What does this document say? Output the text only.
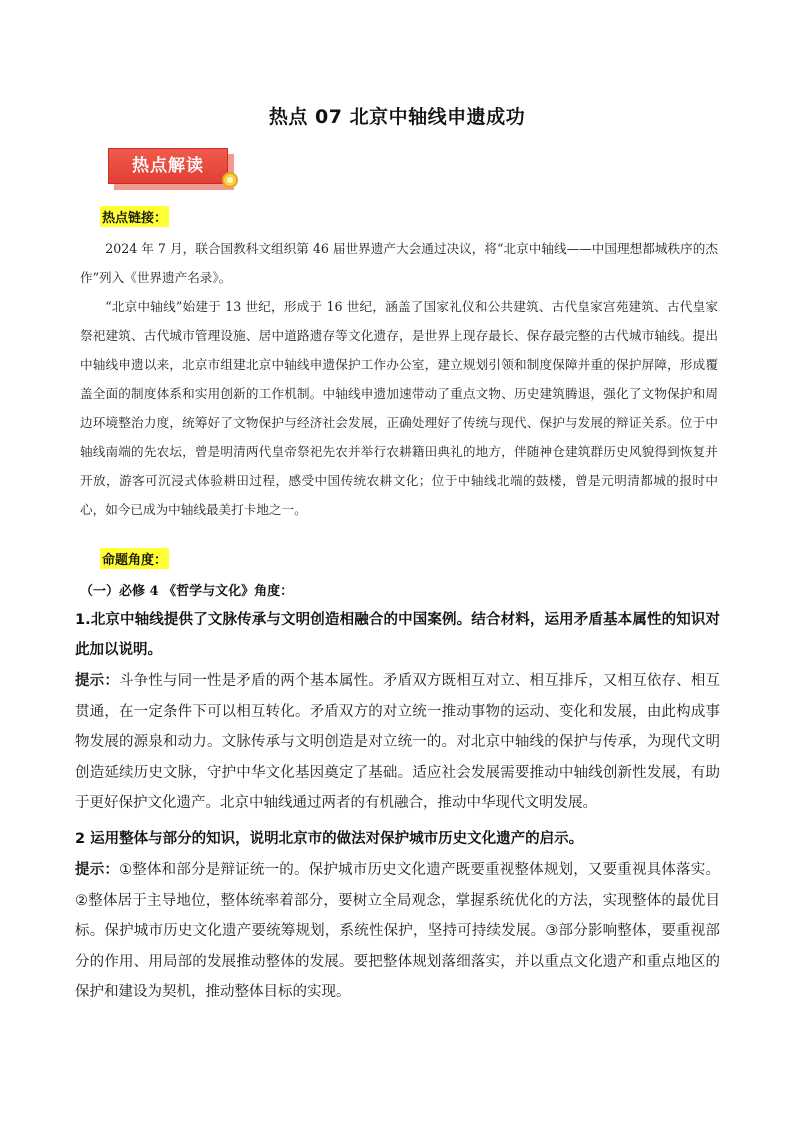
热点 07 北京中轴线申遗成功
热点解读
热点链接：
2024 年 7 月，联合国教科文组织第 46 届世界遗产大会通过决议，将“北京中轴线——中国理想都城秩序的杰作”列入《世界遗产名录》。
“北京中轴线”始建于 13 世纪，形成于 16 世纪，涵盖了国家礼仪和公共建筑、古代皇家宫苑建筑、古代皇家祭祀建筑、古代城市管理设施、居中道路遗存等文化遗存，是世界上现存最长、保存最完整的古代城市轴线。提出中轴线申遗以来，北京市组建北京中轴线申遗保护工作办公室，建立规划引领和制度保障并重的保护屏障，形成覆盖全面的制度体系和实用创新的工作机制。中轴线申遗加速带动了重点文物、历史建筑腾退，强化了文物保护和周边环境整治力度，统筹好了文物保护与经济社会发展，正确处理好了传统与现代、保护与发展的辩证关系。位于中轴线南端的先农坛，曾是明清两代皇帝祭祀先农并举行农耕籍田典礼的地方，伴随神仓建筑群历史风貌得到恢复并开放，游客可沉浸式体验耕田过程，感受中国传统农耕文化；位于中轴线北端的鼓楼，曾是元明清都城的报时中心，如今已成为中轴线最美打卡地之一。
命题角度：
（一）必修 4 《哲学与文化》角度：
1.北京中轴线提供了文脉传承与文明创造相融合的中国案例。结合材料，运用矛盾基本属性的知识对此加以说明。
提示：斗争性与同一性是矛盾的两个基本属性。矛盾双方既相互对立、相互排斥，又相互依存、相互贯通，在一定条件下可以相互转化。矛盾双方的对立统一推动事物的运动、变化和发展，由此构成事物发展的源泉和动力。文脉传承与文明创造是对立统一的。对北京中轴线的保护与传承，为现代文明创造延续历史文脉，守护中华文化基因奠定了基础。适应社会发展需要推动中轴线创新性发展，有助于更好保护文化遗产。北京中轴线通过两者的有机融合，推动中华现代文明发展。
2 运用整体与部分的知识，说明北京市的做法对保护城市历史文化遗产的启示。
提示：①整体和部分是辩证统一的。保护城市历史文化遗产既要重视整体规划，又要重视具体落实。②整体居于主导地位，整体统率着部分，要树立全局观念，掌握系统优化的方法，实现整体的最优目标。保护城市历史文化遗产要统筹规划，系统性保护，坚持可持续发展。③部分影响整体，要重视部分的作用、用局部的发展推动整体的发展。要把整体规划落细落实，并以重点文化遗产和重点地区的保护和建设为契机，推动整体目标的实现。
